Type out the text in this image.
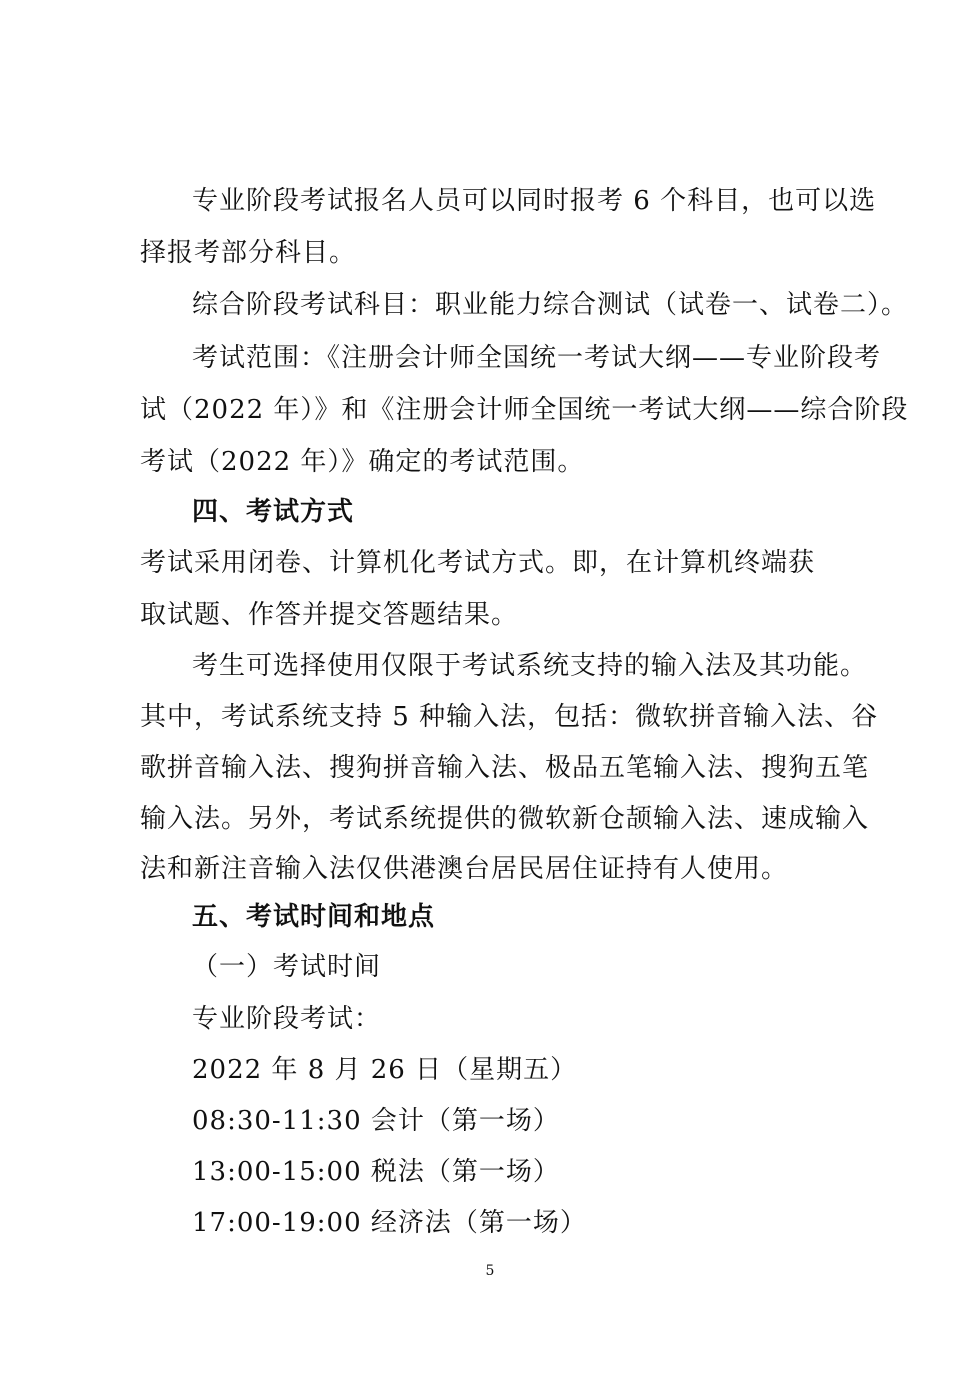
专业阶段考试报名人员可以同时报考 6 个科目，也可以选
择报考部分科目。
综合阶段考试科目：职业能力综合测试（试卷一、试卷二）。
考试范围：《注册会计师全国统一考试大纲——专业阶段考
试（2022 年）》和《注册会计师全国统一考试大纲——综合阶段
考试（2022 年）》确定的考试范围。
四、考试方式
考试采用闭卷、计算机化考试方式。即，在计算机终端获
取试题、作答并提交答题结果。
考生可选择使用仅限于考试系统支持的输入法及其功能。
其中，考试系统支持 5 种输入法，包括：微软拼音输入法、谷
歌拼音输入法、搜狗拼音输入法、极品五笔输入法、搜狗五笔
输入法。另外，考试系统提供的微软新仓颉输入法、速成输入
法和新注音输入法仅供港澳台居民居住证持有人使用。
五、考试时间和地点
（一）考试时间
专业阶段考试：
2022 年 8 月 26 日（星期五）
08:30-11:30 会计（第一场）
13:00-15:00 税法（第一场）
17:00-19:00 经济法（第一场）
5
